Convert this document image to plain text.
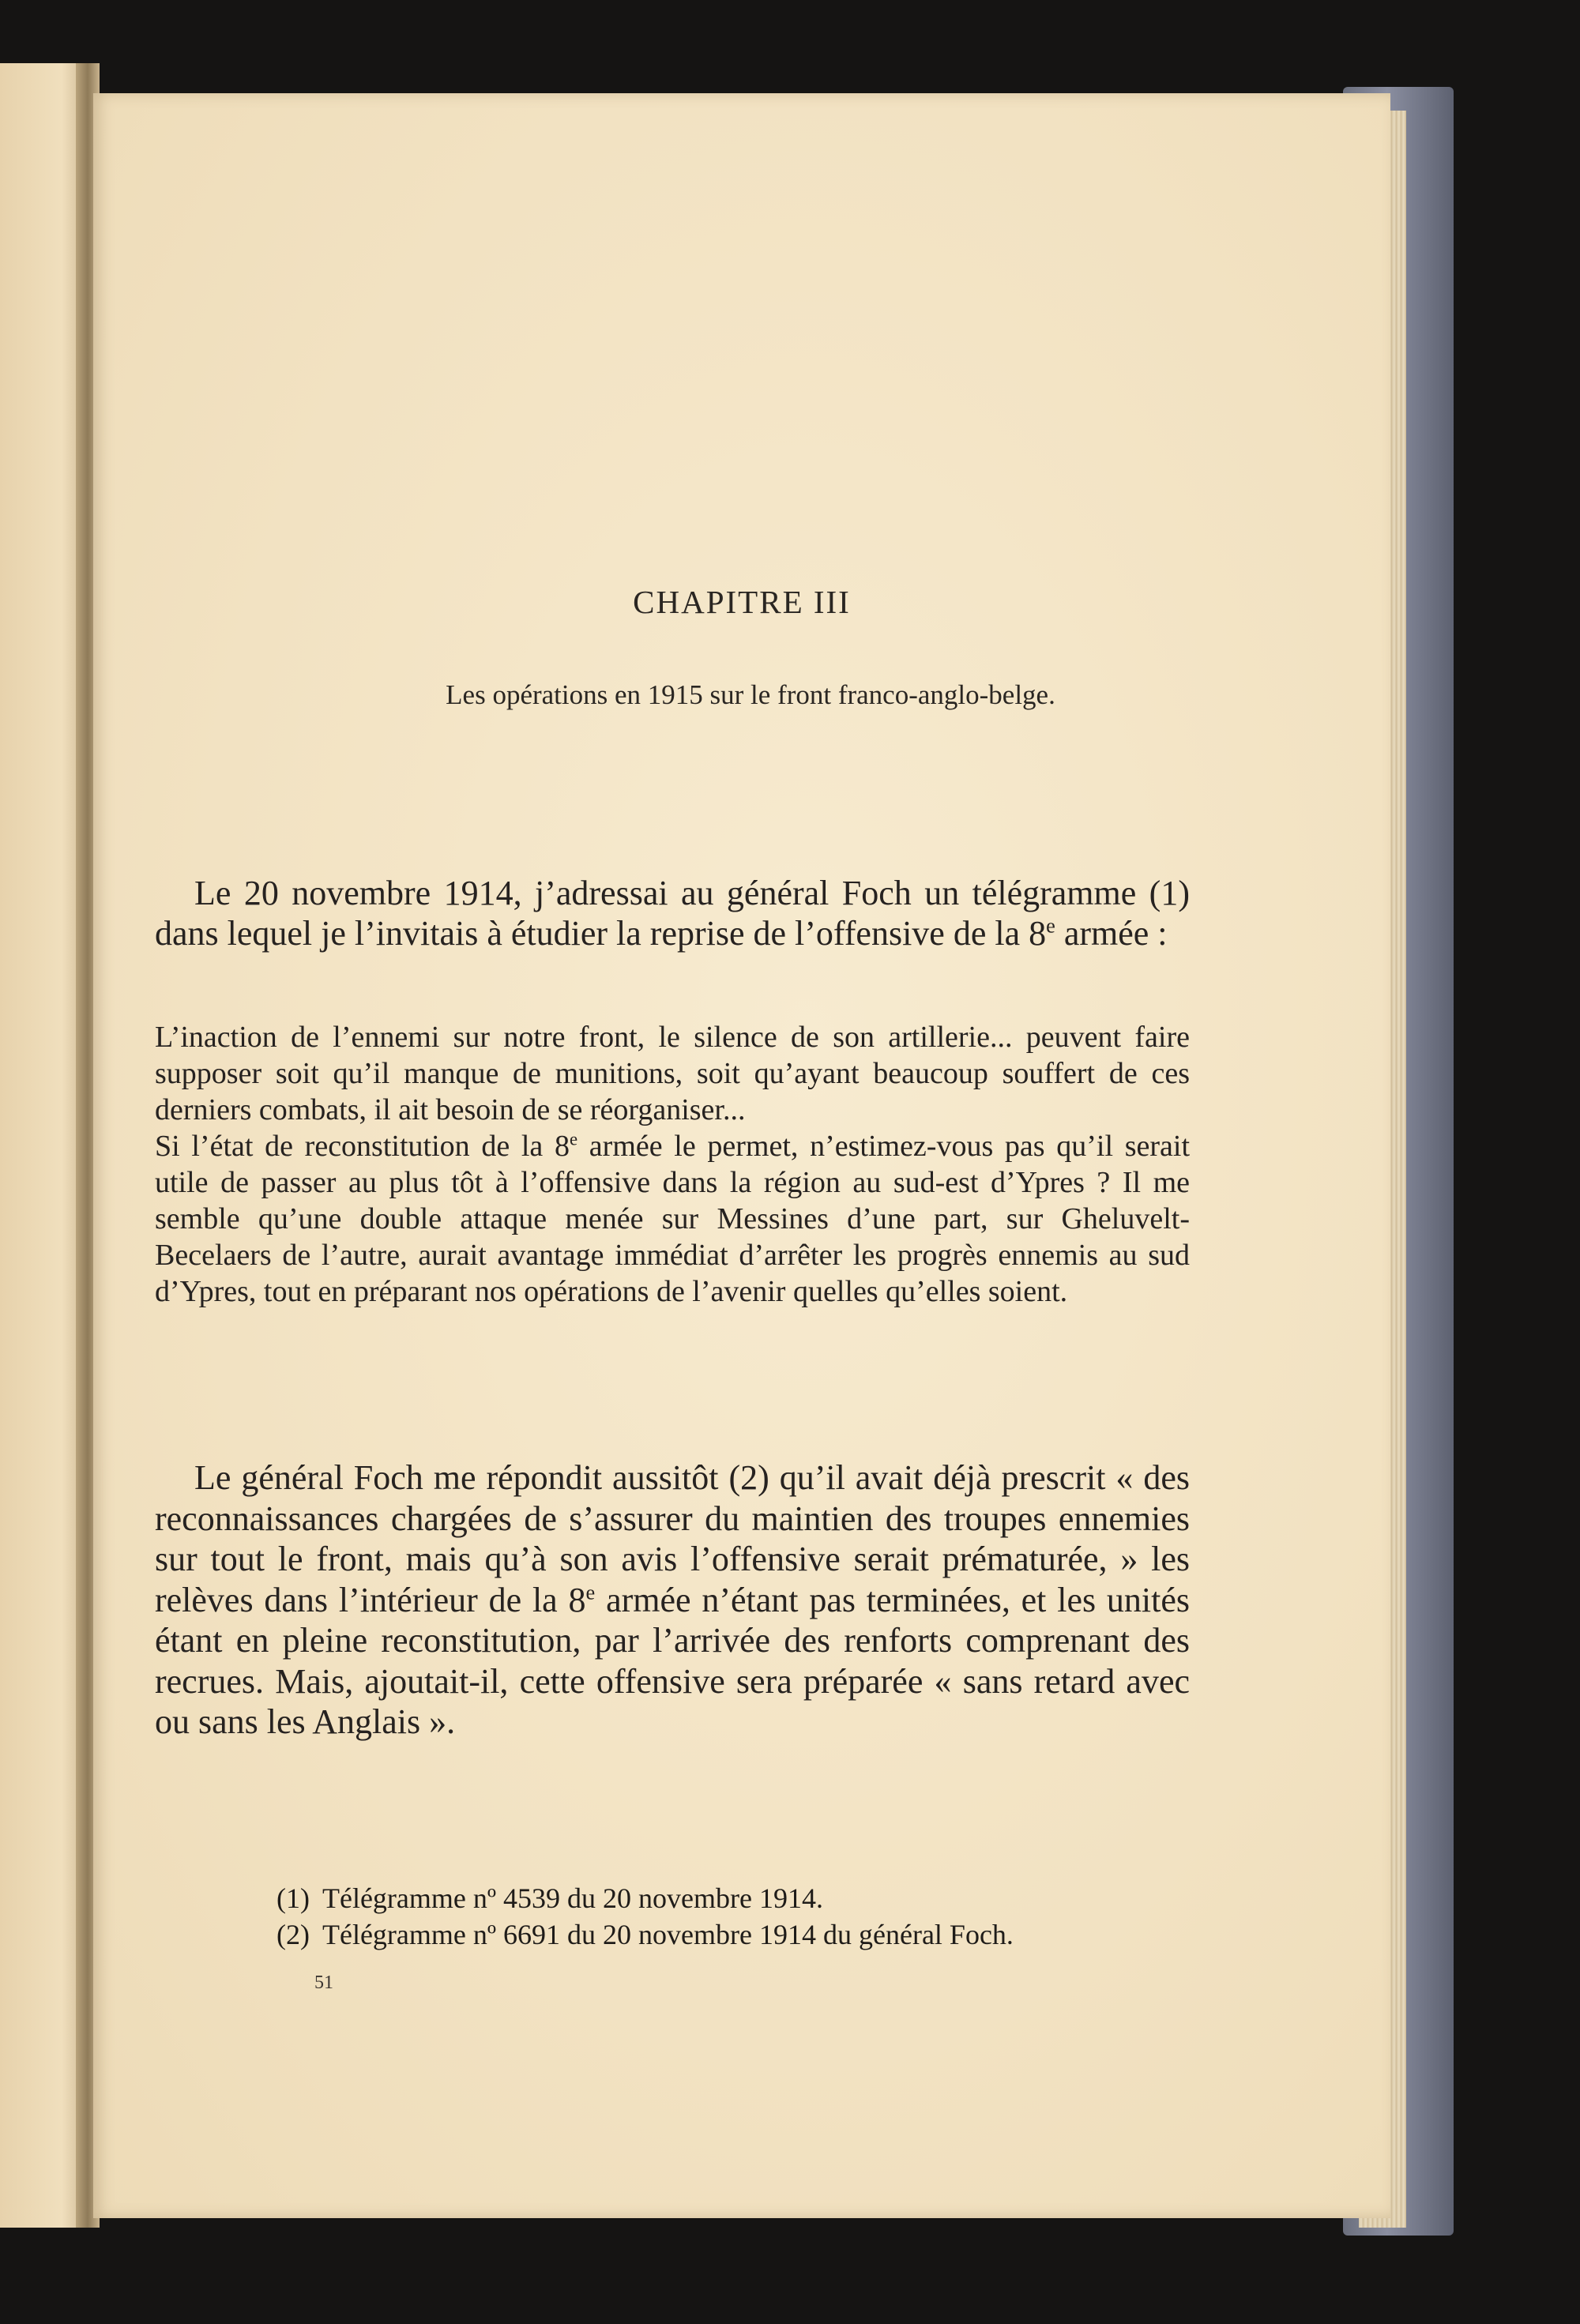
CHAPITRE III

Les opérations en 1915 sur le front franco-anglo-belge.

Le 20 novembre 1914, j’adressai au général Foch un télégramme (1) dans lequel je l’invitais à étudier la reprise de l’offensive de la 8e armée :

L’inaction de l’ennemi sur notre front, le silence de son artillerie... peuvent faire supposer soit qu’il manque de munitions, soit qu’ayant beaucoup souffert de ces derniers combats, il ait besoin de se réorganiser...

Si l’état de reconstitution de la 8e armée le permet, n’estimez-vous pas qu’il serait utile de passer au plus tôt à l’offensive dans la région au sud-est d’Ypres ? Il me semble qu’une double attaque menée sur Messines d’une part, sur Gheluvelt-Becelaers de l’autre, aurait avantage immédiat d’arrêter les progrès ennemis au sud d’Ypres, tout en préparant nos opérations de l’avenir quelles qu’elles soient.

Le général Foch me répondit aussitôt (2) qu’il avait déjà prescrit « des reconnaissances chargées de s’assurer du maintien des troupes ennemies sur tout le front, mais qu’à son avis l’offensive serait prématurée, » les relèves dans l’intérieur de la 8e armée n’étant pas terminées, et les unités étant en pleine reconstitution, par l’arrivée des renforts comprenant des recrues. Mais, ajoutait-il, cette offensive sera préparée « sans retard avec ou sans les Anglais ».

(1) Télégramme nº 4539 du 20 novembre 1914.

(2) Télégramme nº 6691 du 20 novembre 1914 du général Foch.

51
